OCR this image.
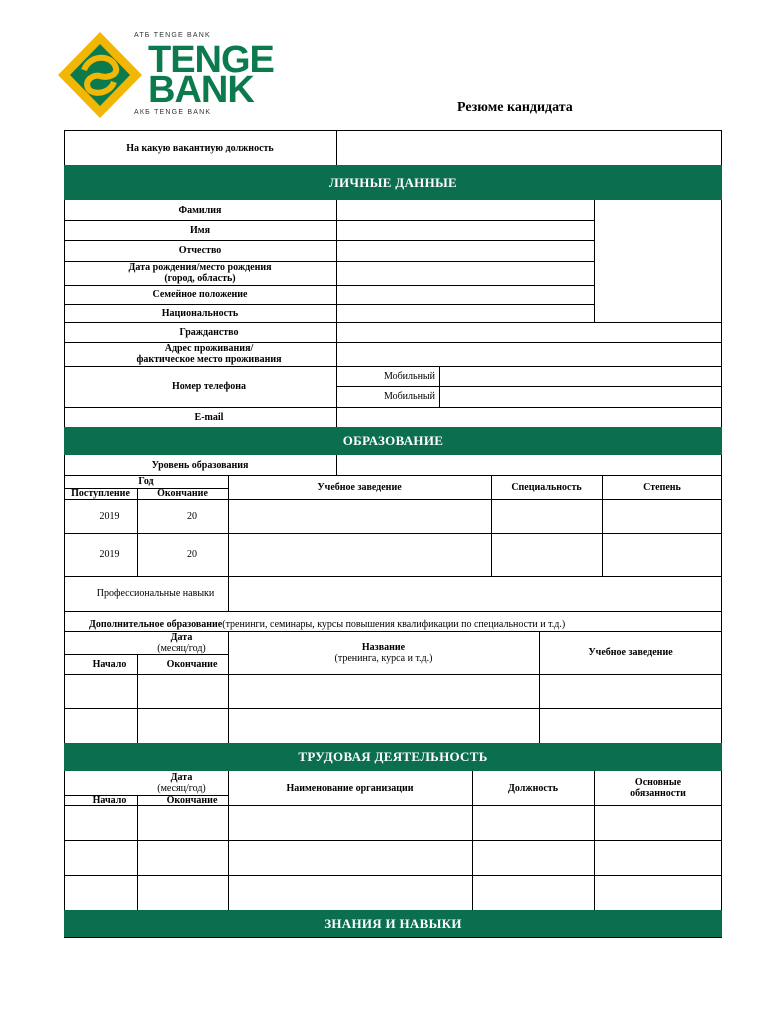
АТБ TENGE BANK
TENGE
BANK
АКБ TENGE BANK	Резюме кандидата
На какую вакантиую должность
ЛИЧНЫЕ ДАННЫЕ
Фамилия
Имя
Отчество
Дата рождения/место рождения
(город, область)
Семейное положение
Национальность
Гражданство
Адрес проживания/
фактическое место проживания
Номер телефона
Мобильный
Мобильный
E-mail
ОБРАЗОВАНИЕ
Уровень образования
Год
Поступление	Окончание
Учебное заведение	Специальность	Степень
2019	20
2019	20
Профессиональные навыки
Дополнительное образование (тренинги, семинары, курсы повышения квалификации по специальности и т.д.)
Дата
(месяц/год)
Начало	Окончание
Название
(тренинга, курса и т.д.)	Учебное заведение
ТРУДОВАЯ ДЕЯТЕЛЬНОСТЬ
Дата
(месяц/год)
Начало	Окончание
Наименование организации	Должность	Основные
обязанности
ЗНАНИЯ И НАВЫКИ
